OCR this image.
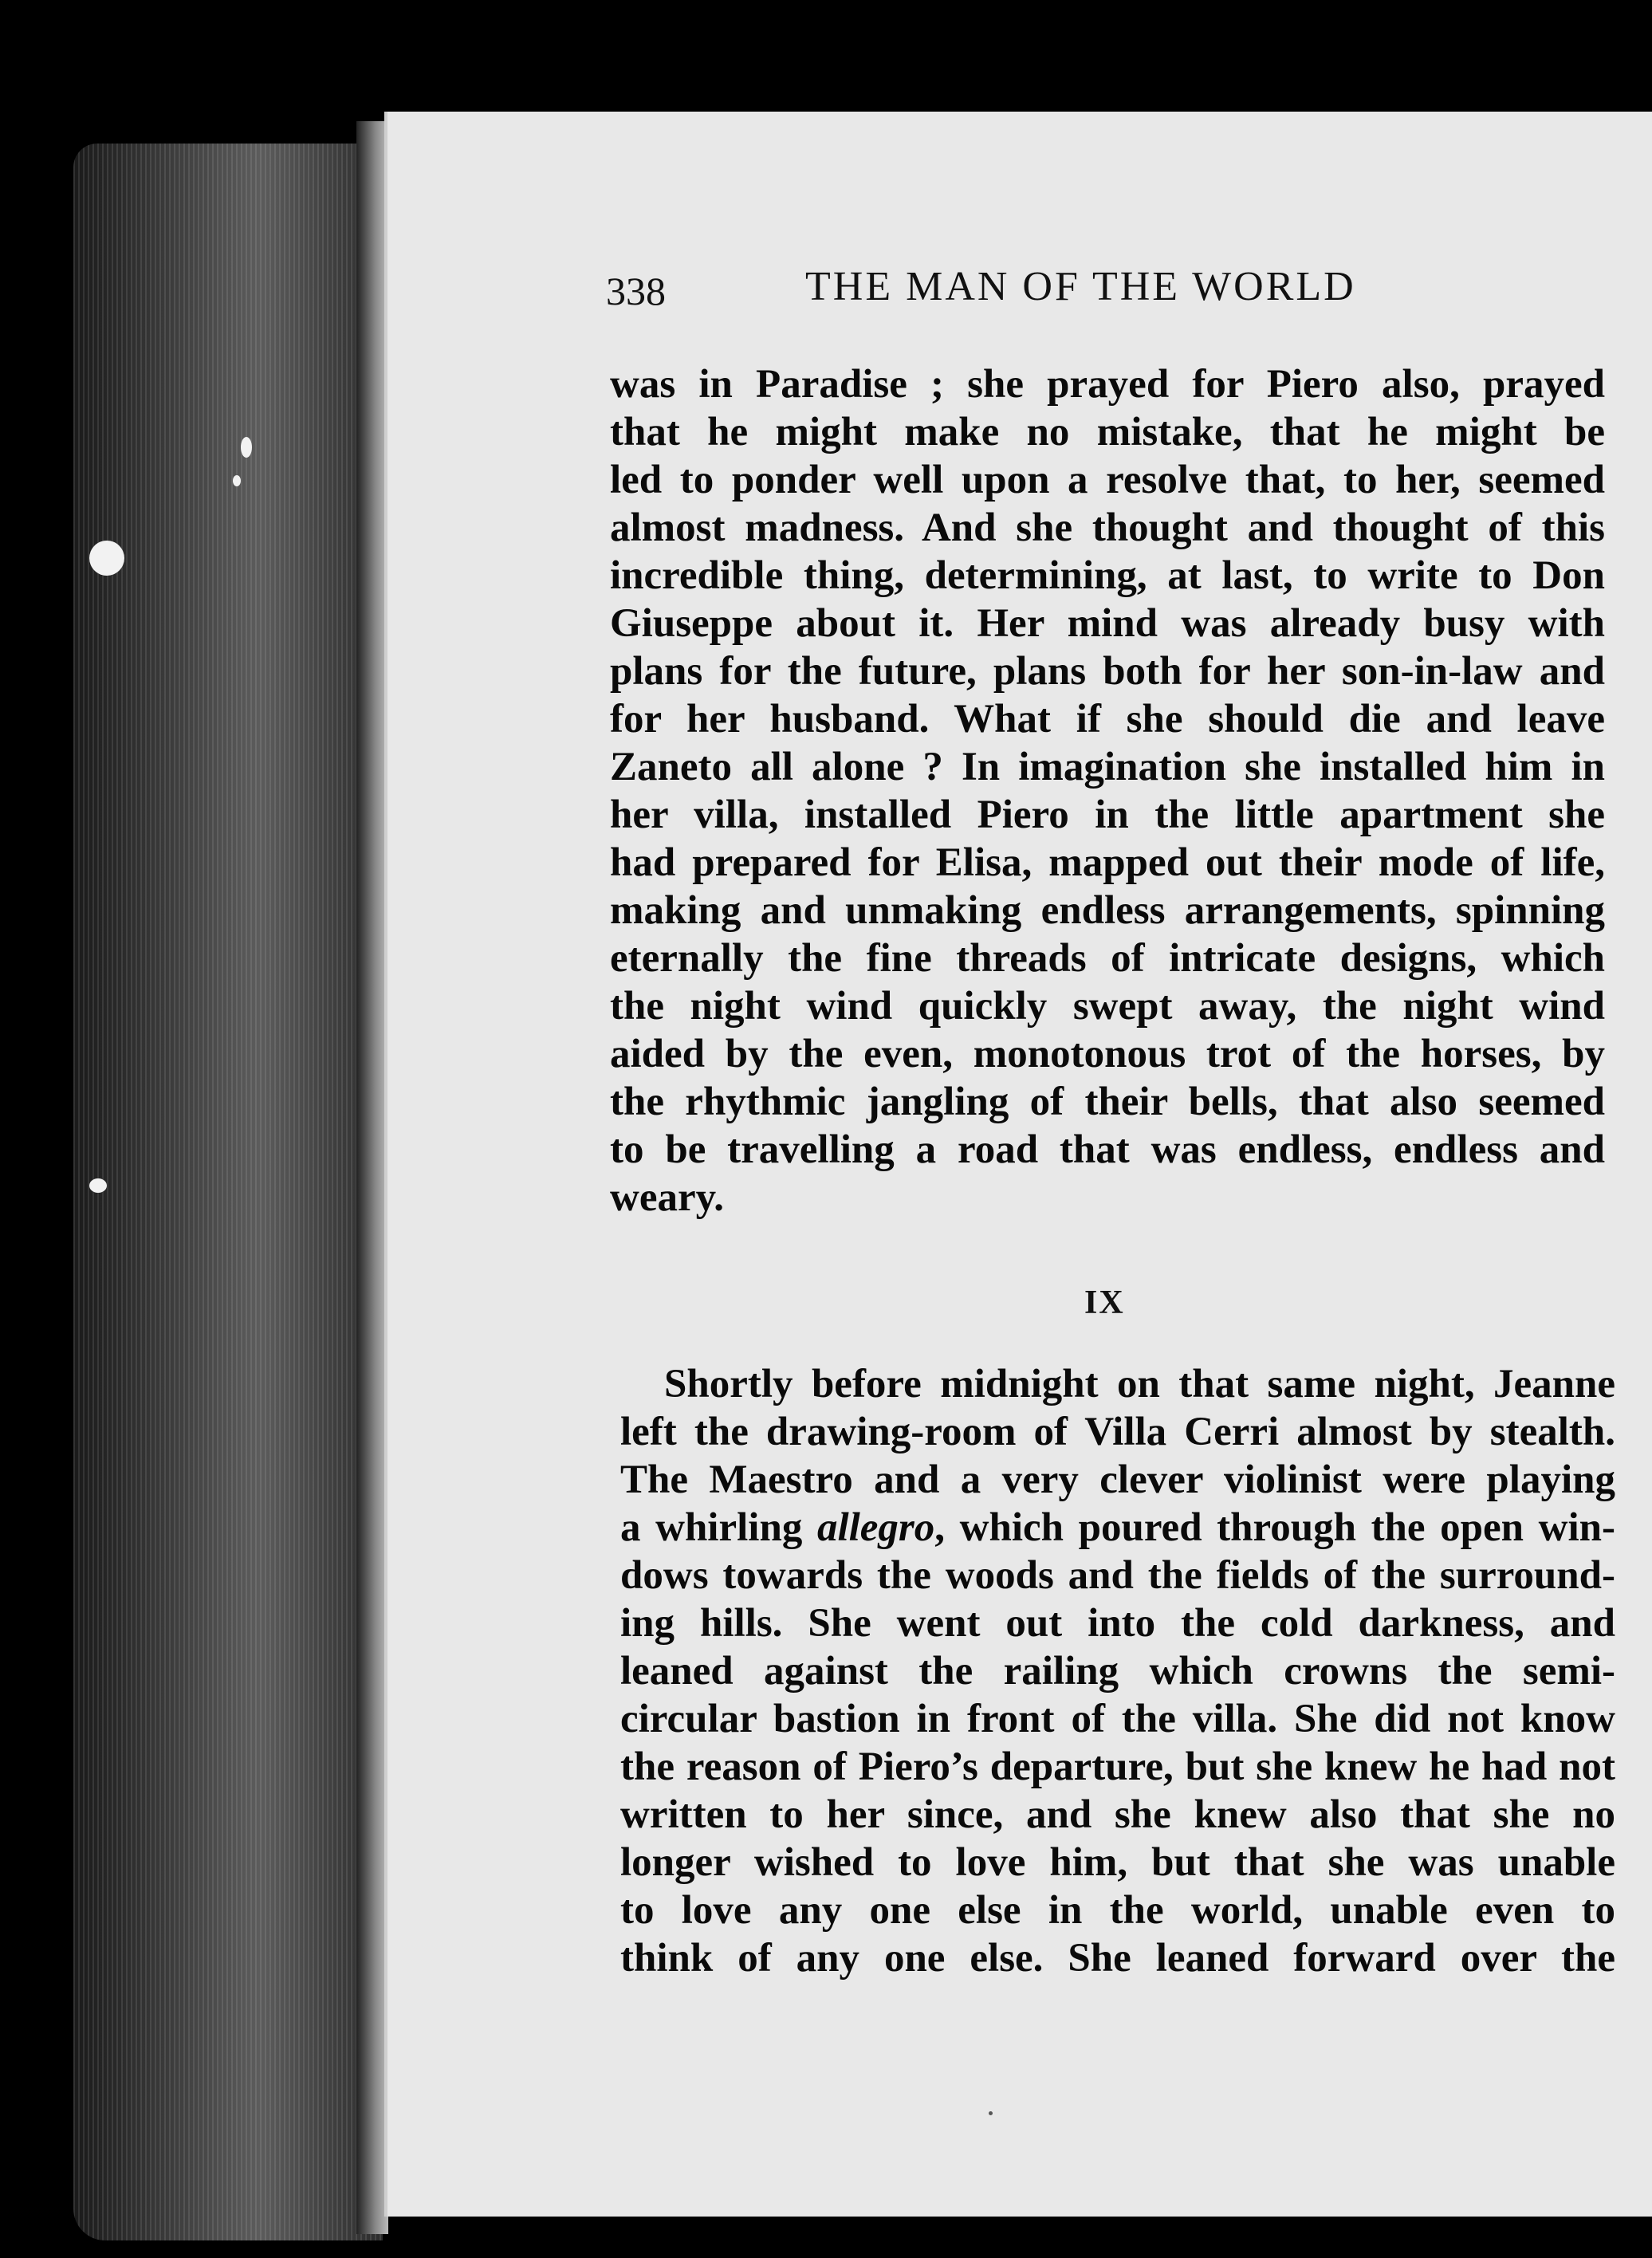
338	THE MAN OF THE WORLD
was in Paradise ; she prayed for Piero also, prayed
that he might make no mistake, that he might be
led to ponder well upon a resolve that, to her, seemed
almost madness. And she thought and thought of this
incredible thing, determining, at last, to write to Don
Giuseppe about it. Her mind was already busy with
plans for the future, plans both for her son-in-law and
for her husband. What if she should die and leave
Zaneto all alone ? In imagination she installed him in
her villa, installed Piero in the little apartment she
had prepared for Elisa, mapped out their mode of life,
making and unmaking endless arrangements, spinning
eternally the fine threads of intricate designs, which
the night wind quickly swept away, the night wind
aided by the even, monotonous trot of the horses, by
the rhythmic jangling of their bells, that also seemed
to be travelling a road that was endless, endless and
weary.
IX
Shortly before midnight on that same night, Jeanne
left the drawing-room of Villa Cerri almost by stealth.
The Maestro and a very clever violinist were playing
a whirling allegro, which poured through the open win-
dows towards the woods and the fields of the surround-
ing hills. She went out into the cold darkness, and
leaned against the railing which crowns the semi-
circular bastion in front of the villa. She did not know
the reason of Piero’s departure, but she knew he had not
written to her since, and she knew also that she no
longer wished to love him, but that she was unable
to love any one else in the world, unable even to
think of any one else. She leaned forward over the
